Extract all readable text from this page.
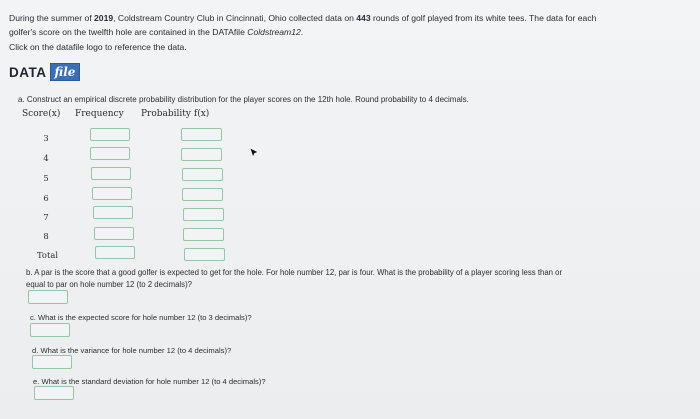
During the summer of 2019, Coldstream Country Club in Cincinnati, Ohio collected data on 443 rounds of golf played from its white tees. The data for each
golfer's score on the twelfth hole are contained in the DATAfile Coldstream12.
Click on the datafile logo to reference the data.
DATA file
a. Construct an empirical discrete probability distribution for the player scores on the 12th hole. Round probability to 4 decimals.
Score(x) Frequency Probability f(x)
3
4
5
6
7
8
Total
b. A par is the score that a good golfer is expected to get for the hole. For hole number 12, par is four. What is the probability of a player scoring less than or
equal to par on hole number 12 (to 2 decimals)?
c. What is the expected score for hole number 12 (to 3 decimals)?
d. What is the variance for hole number 12 (to 4 decimals)?
e. What is the standard deviation for hole number 12 (to 4 decimals)?
